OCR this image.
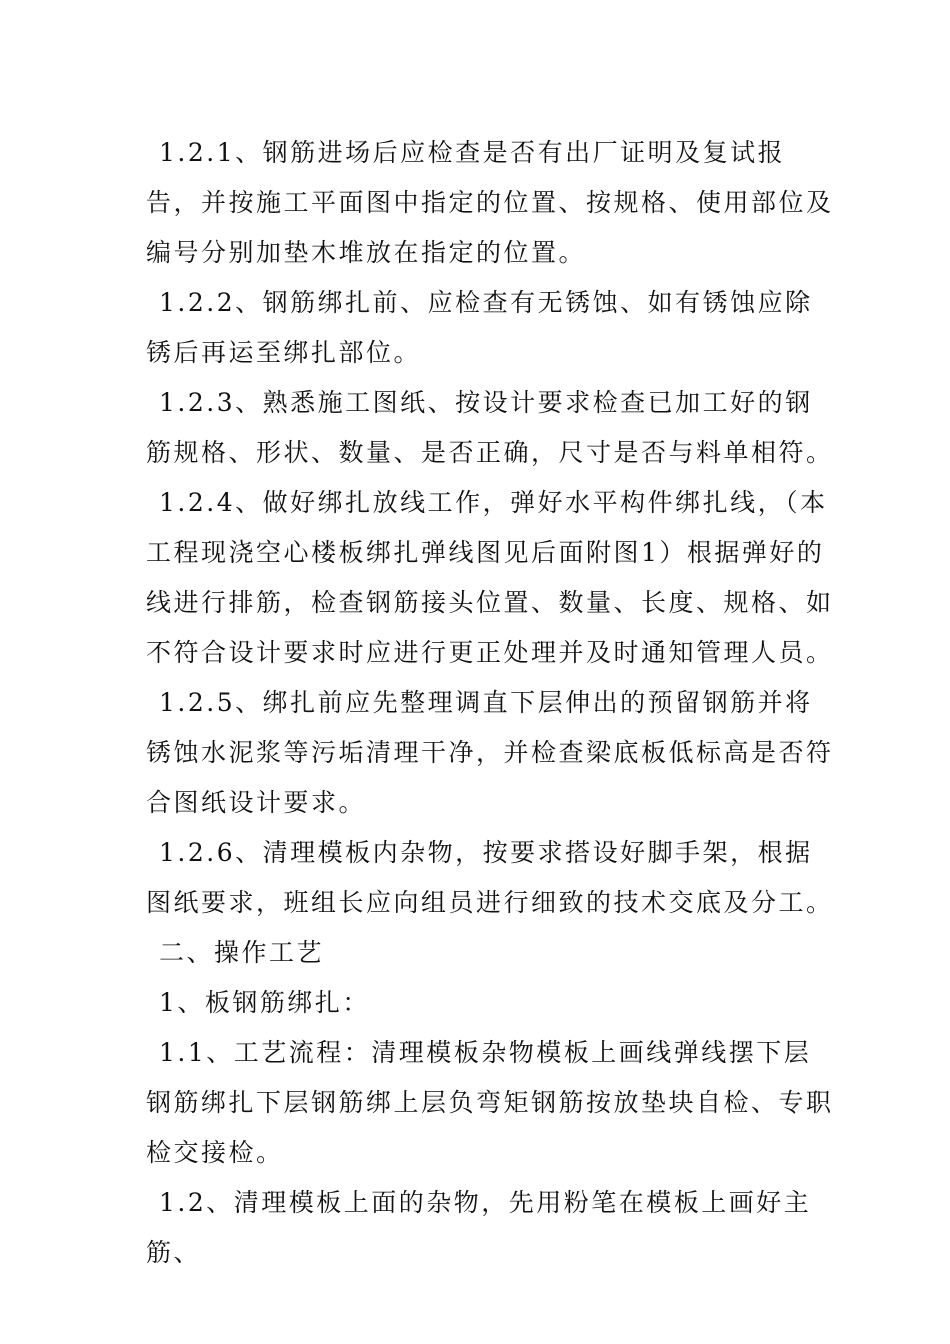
1.2.1、钢筋进场后应检查是否有出厂证明及复试报告，并按施工平面图中指定的位置、按规格、使用部位及编号分别加垫木堆放在指定的位置。

1.2.2、钢筋绑扎前、应检查有无锈蚀、如有锈蚀应除锈后再运至绑扎部位。

1.2.3、熟悉施工图纸、按设计要求检查已加工好的钢筋规格、形状、数量、是否正确，尺寸是否与料单相符。

1.2.4、做好绑扎放线工作，弹好水平构件绑扎线，（本工程现浇空心楼板绑扎弹线图见后面附图1）根据弹好的线进行排筋，检查钢筋接头位置、数量、长度、规格、如不符合设计要求时应进行更正处理并及时通知管理人员。

1.2.5、绑扎前应先整理调直下层伸出的预留钢筋并将锈蚀水泥浆等污垢清理干净，并检查梁底板低标高是否符合图纸设计要求。

1.2.6、清理模板内杂物，按要求搭设好脚手架，根据图纸要求，班组长应向组员进行细致的技术交底及分工。

二、操作工艺

1、板钢筋绑扎：

1.1、工艺流程：清理模板杂物模板上画线弹线摆下层钢筋绑扎下层钢筋绑上层负弯矩钢筋按放垫块自检、专职检交接检。

1.2、清理模板上面的杂物，先用粉笔在模板上画好主筋、
